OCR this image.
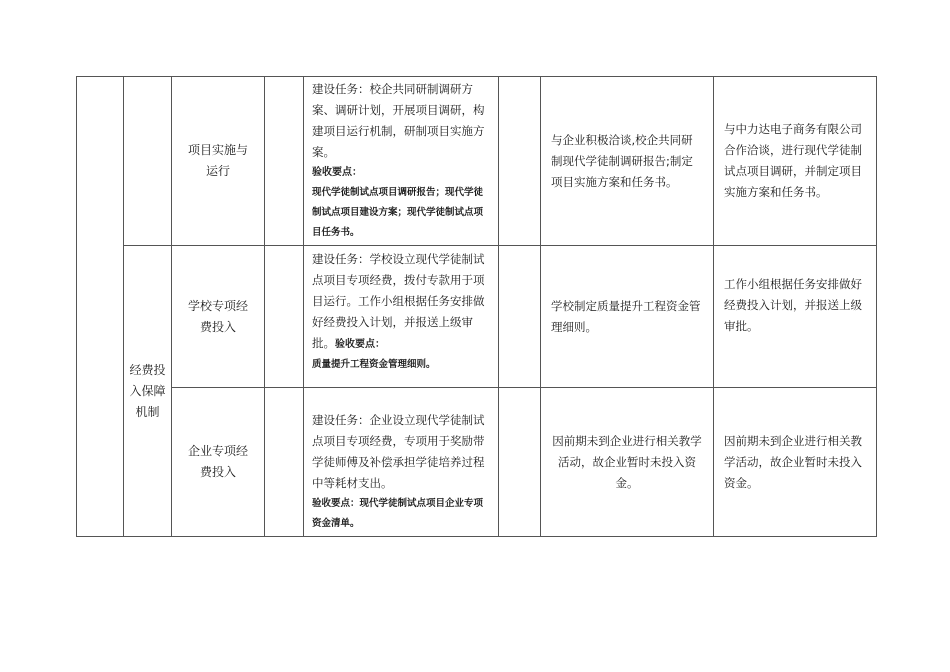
		项目实施与运行		建设任务：校企共同研制调研方案、调研计划，开展项目调研，构建项目运行机制，研制项目实施方案。
验收要点：
现代学徒制试点项目调研报告；现代学徒制试点项目建设方案；现代学徒制试点项目任务书。		与企业积极洽谈,校企共同研制现代学徒制调研报告;制定项目实施方案和任务书。	与中力达电子商务有限公司合作洽谈，进行现代学徒制试点项目调研，并制定项目实施方案和任务书。
	经费投入保障机制	学校专项经费投入		建设任务：学校设立现代学徒制试点项目专项经费，拨付专款用于项目运行。工作小组根据任务安排做好经费投入计划，并报送上级审批。验收要点：
质量提升工程资金管理细则。		学校制定质量提升工程资金管理细则。	工作小组根据任务安排做好经费投入计划，并报送上级审批。

		企业专项经费投入		建设任务：企业设立现代学徒制试点项目专项经费，专项用于奖励带学徒师傅及补偿承担学徒培养过程中等耗材支出。
验收要点：现代学徒制试点项目企业专项资金清单。		因前期未到企业进行相关教学活动，故企业暂时未投入资金。	因前期未到企业进行相关教学活动，故企业暂时未投入资金。
